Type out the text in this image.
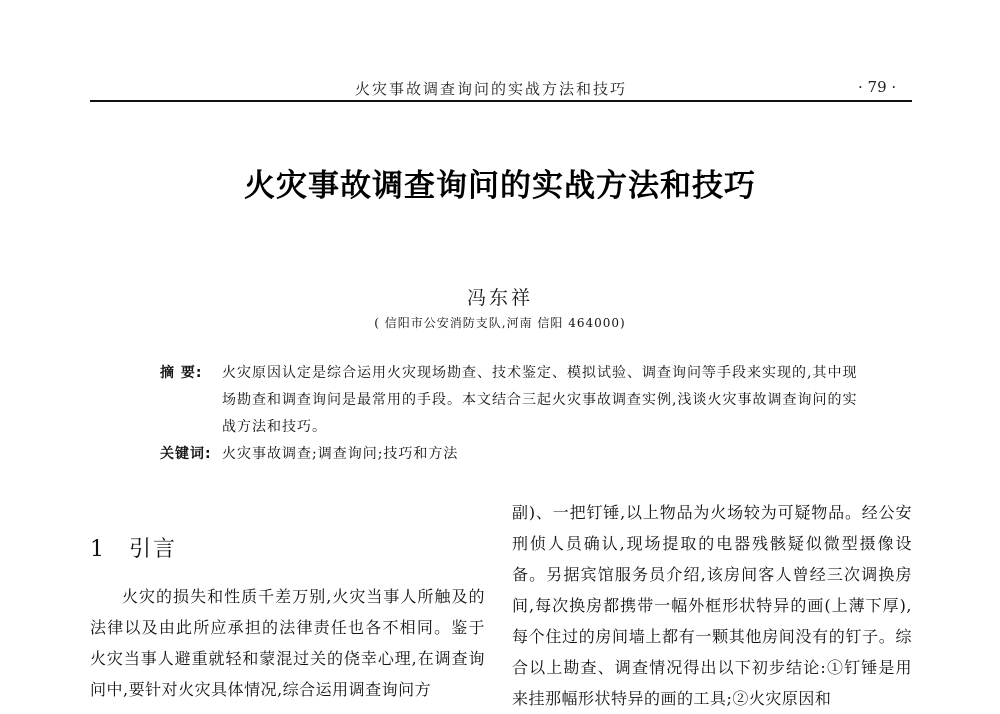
火灾事故调查询问的实战方法和技巧	· 79 ·
火灾事故调查询问的实战方法和技巧
冯东祥
( 信阳市公安消防支队,河南 信阳 464000)
摘 要:	火灾原因认定是综合运用火灾现场勘查、技术鉴定、模拟试验、调查询问等手段来实现的,其中现场勘查和调查询问是最常用的手段。本文结合三起火灾事故调查实例,浅谈火灾事故调查询问的实战方法和技巧。
关键词: 火灾事故调查;调查询问;技巧和方法
1 引言

火灾的损失和性质千差万别,火灾当事人所触及的法律以及由此所应承担的法律责任也各不相同。鉴于火灾当事人避重就轻和蒙混过关的侥幸心理,在调查询问中,要针对火灾具体情况,综合运用调查询问方

副)、一把钉锤,以上物品为火场较为可疑物品。经公安刑侦人员确认,现场提取的电器残骸疑似微型摄像设备。另据宾馆服务员介绍,该房间客人曾经三次调换房间,每次换房都携带一幅外框形状特异的画(上薄下厚),每个住过的房间墙上都有一颗其他房间没有的钉子。综合以上勘查、调查情况得出以下初步结论:①钉锤是用来挂那幅形状特异的画的工具;②火灾原因和
